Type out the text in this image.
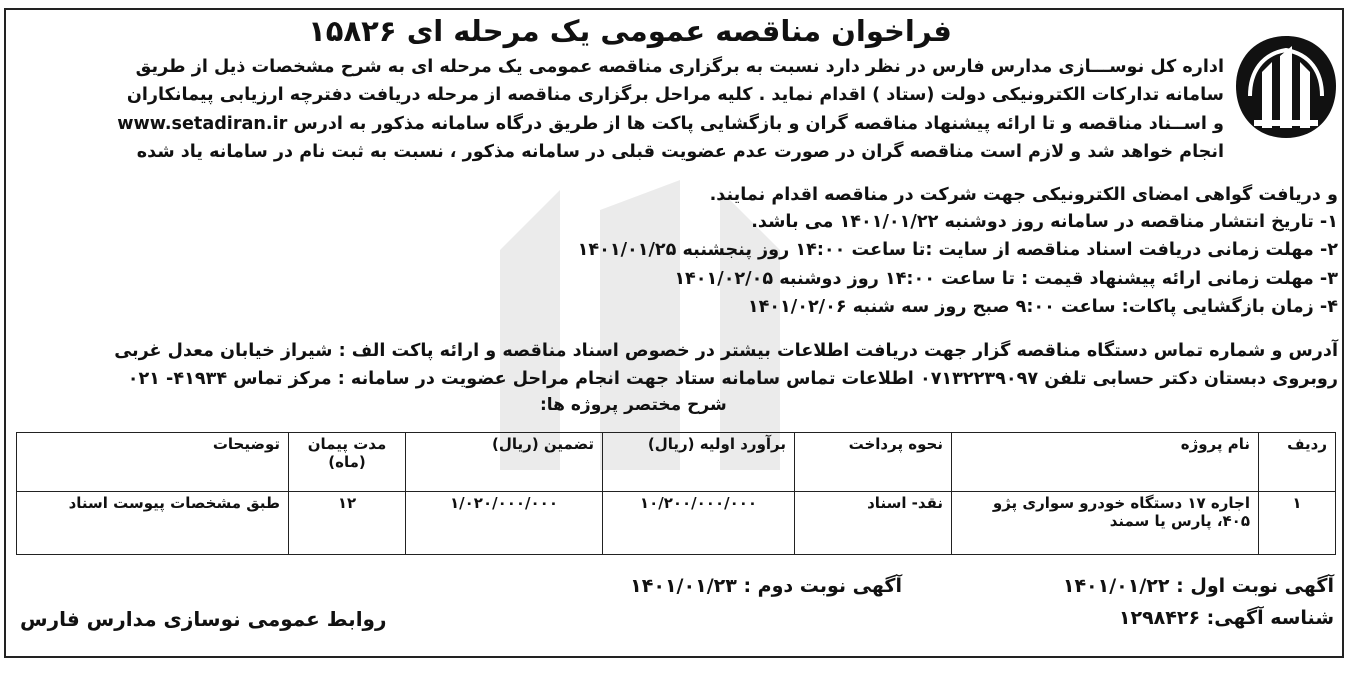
فراخوان مناقصه عمومی یک مرحله ای ۱۵۸۲۶
اداره کل نوســـازی مدارس فارس در نظر دارد نسبت به برگزاری مناقصه عمومی یک مرحله ای به شرح مشخصات ذیل از طریق
سامانه تدارکات الکترونیکی دولت (ستاد ) اقدام نماید . کلیه مراحل برگزاری مناقصه از مرحله دریافت دفترچه ارزیابی پیمانکاران
و اســناد مناقصه و تا ارائه پیشنهاد مناقصه گران و بازگشایی پاکت ها از طریق درگاه سامانه مذکور به ادرس www.setadiran.ir
انجام خواهد شد و لازم است مناقصه گران در صورت عدم عضویت قبلی در سامانه مذکور ، نسبت به ثبت نام در سامانه یاد شده
و دریافت گواهی امضای الکترونیکی جهت شرکت در مناقصه اقدام نمایند.
۱- تاریخ انتشار مناقصه در سامانه روز دوشنبه ۱۴۰۱/۰۱/۲۲ می باشد.
۲- مهلت زمانی دریافت اسناد مناقصه از سایت :تا ساعت ۱۴:۰۰ روز پنجشنبه ۱۴۰۱/۰۱/۲۵
۳- مهلت زمانی ارائه پیشنهاد قیمت : تا ساعت ۱۴:۰۰ روز دوشنبه ۱۴۰۱/۰۲/۰۵
۴- زمان بازگشایی پاکات: ساعت ۹:۰۰ صبح روز سه شنبه ۱۴۰۱/۰۲/۰۶
آدرس و شماره تماس دستگاه مناقصه گزار جهت دریافت اطلاعات بیشتر در خصوص اسناد مناقصه و ارائه پاکت الف : شیراز خیابان معدل غربی
روبروی دبستان دکتر حسابی تلفن ۰۷۱۳۲۲۳۹۰۹۷ اطلاعات تماس سامانه ستاد جهت انجام مراحل عضویت در سامانه : مرکز تماس ۴۱۹۳۴- ۰۲۱
شرح مختصر پروژه ها:
ردیف	نام پروژه	نحوه پرداخت	برآورد اولیه (ریال)	تضمین (ریال)	مدت پیمان (ماه)	توضیحات
۱	اجاره ۱۷ دستگاه خودرو سواری پژو ۴۰۵، پارس یا سمند	نقد- اسناد	۱۰/۲۰۰/۰۰۰/۰۰۰	۱/۰۲۰/۰۰۰/۰۰۰	۱۲	طبق مشخصات پیوست اسناد
آگهی نوبت اول : ۱۴۰۱/۰۱/۲۲
آگهی نوبت دوم : ۱۴۰۱/۰۱/۲۳
شناسه آگهی: ۱۲۹۸۴۲۶
روابط عمومی نوسازی مدارس فارس
